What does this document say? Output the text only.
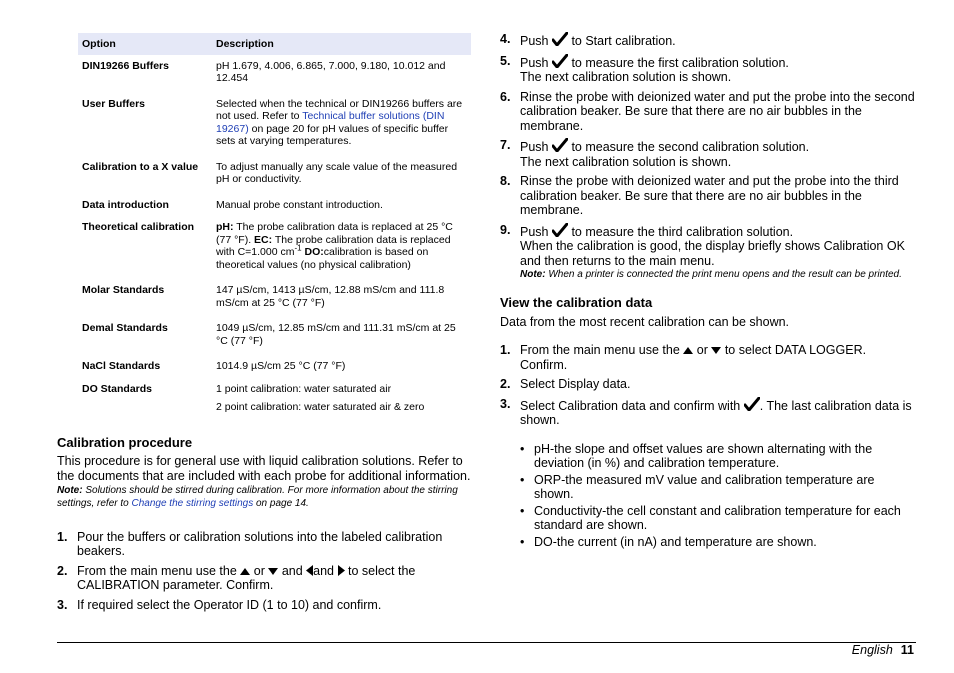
Option	Description
DIN19266 Buffers	pH 1.679, 4.006, 6.865, 7.000, 9.180, 10.012 and 12.454
User Buffers	Selected when the technical or DIN19266 buffers are not used. Refer to Technical buffer solutions (DIN 19267) on page 20 for pH values of specific buffer sets at varying temperatures.
Calibration to a X value	To adjust manually any scale value of the measured pH or conductivity.
Data introduction	Manual probe constant introduction.
Theoretical calibration	pH: The probe calibration data is replaced at 25 °C (77 °F). EC: The probe calibration data is replaced with C=1.000 $cm^{-1}$ DO:calibration is based on theoretical values (no physical calibration)
Molar Standards	147 µS/cm, 1413 µS/cm, 12.88 mS/cm and 111.8 mS/cm at 25 °C (77 °F)
Demal Standards	1049 µS/cm, 12.85 mS/cm and 111.31 mS/cm at 25 °C (77 °F)
NaCl Standards	1014.9 µS/cm 25 °C (77 °F)
DO Standards	1 point calibration: water saturated air
2 point calibration: water saturated air & zero
Calibration procedure

This procedure is for general use with liquid calibration solutions. Refer to the documents that are included with each probe for additional information.

Note: Solutions should be stirred during calibration. For more information about the stirring settings, refer to Change the stirring settings on page 14.

1. Pour the buffers or calibration solutions into the labeled calibration beakers.
2. From the main menu use the  or  and and  to select the CALIBRATION parameter. Confirm.
3. If required select the Operator ID (1 to 10) and confirm.
4. Push  to Start calibration.
5. Push  to measure the first calibration solution.
The next calibration solution is shown.
6. Rinse the probe with deionized water and put the probe into the second calibration beaker. Be sure that there are no air bubbles in the membrane.
7. Push  to measure the second calibration solution.
The next calibration solution is shown.
8. Rinse the probe with deionized water and put the probe into the third calibration beaker. Be sure that there are no air bubbles in the membrane.
9. Push  to measure the third calibration solution.
When the calibration is good, the display briefly shows Calibration OK and then returns to the main menu.

Note: When a printer is connected the print menu opens and the result can be printed.

View the calibration data

Data from the most recent calibration can be shown.

1. From the main menu use the  or  to select DATA LOGGER. Confirm.
2. Select Display data.
3. Select Calibration data and confirm with . The last calibration data is shown.
• pH-the slope and offset values are shown alternating with the deviation (in %) and calibration temperature.
• ORP-the measured mV value and calibration temperature are shown.
• Conductivity-the cell constant and calibration temperature for each standard are shown.
• DO-the current (in nA) and temperature are shown.
English 11
